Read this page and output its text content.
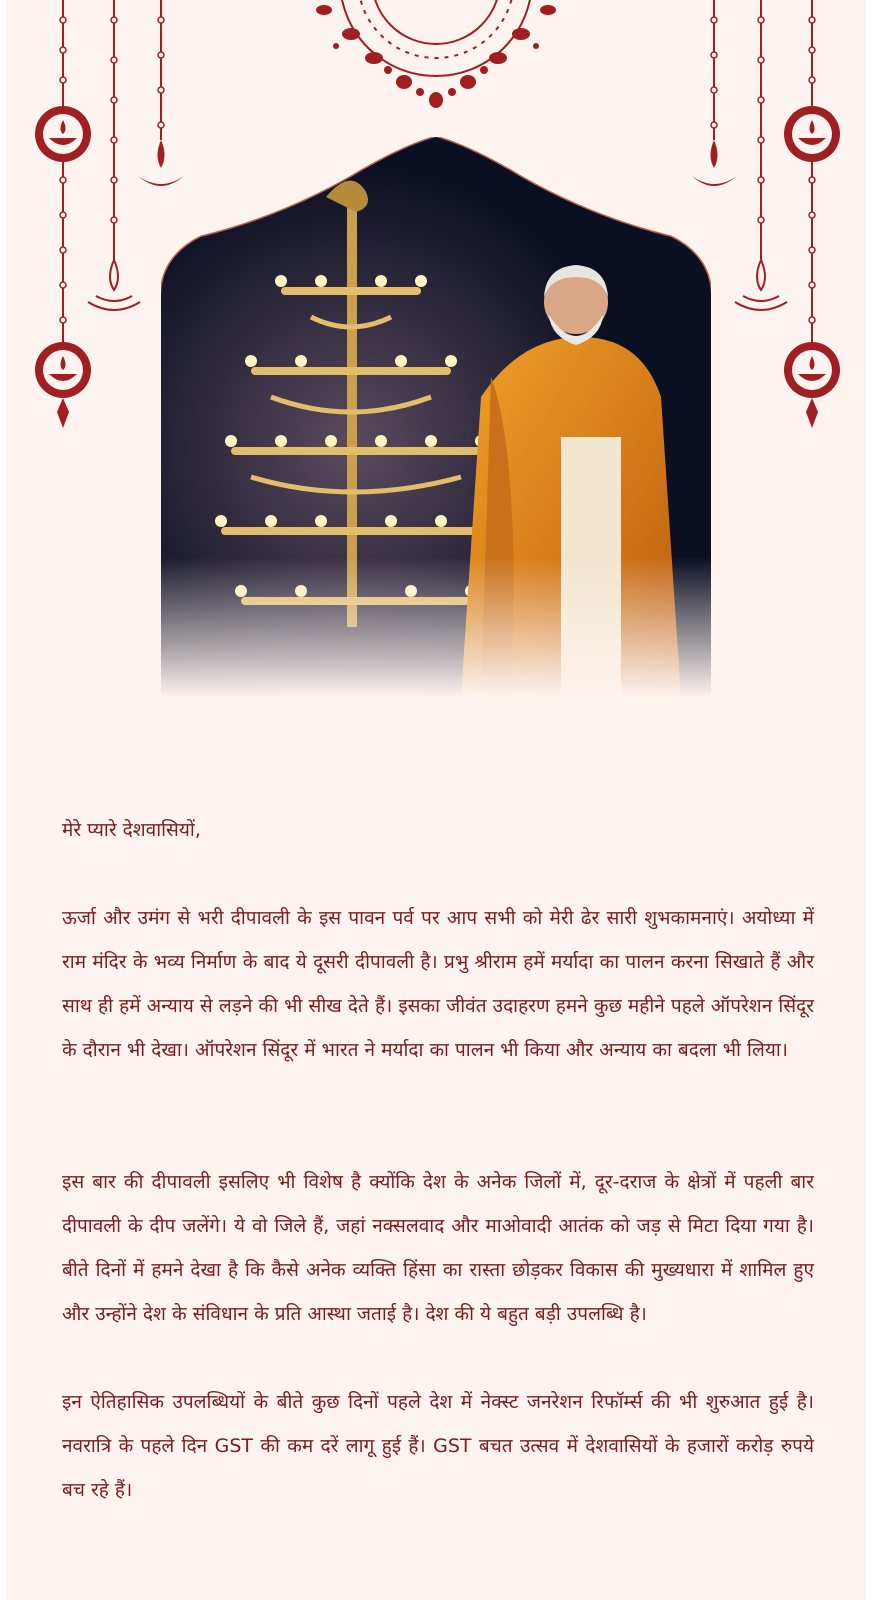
मेरे प्यारे देशवासियों,

ऊर्जा और उमंग से भरी दीपावली के इस पावन पर्व पर आप सभी को मेरी ढेर सारी शुभकामनाएं। अयोध्या में राम मंदिर के भव्य निर्माण के बाद ये दूसरी दीपावली है। प्रभु श्रीराम हमें मर्यादा का पालन करना सिखाते हैं और साथ ही हमें अन्याय से लड़ने की भी सीख देते हैं। इसका जीवंत उदाहरण हमने कुछ महीने पहले ऑपरेशन सिंदूर के दौरान भी देखा। ऑपरेशन सिंदूर में भारत ने मर्यादा का पालन भी किया और अन्याय का बदला भी लिया।

इस बार की दीपावली इसलिए भी विशेष है क्योंकि देश के अनेक जिलों में, दूर-दराज के क्षेत्रों में पहली बार दीपावली के दीप जलेंगे। ये वो जिले हैं, जहां नक्सलवाद और माओवादी आतंक को जड़ से मिटा दिया गया है। बीते दिनों में हमने देखा है कि कैसे अनेक व्यक्ति हिंसा का रास्ता छोड़कर विकास की मुख्यधारा में शामिल हुए और उन्होंने देश के संविधान के प्रति आस्था जताई है। देश की ये बहुत बड़ी उपलब्धि है।

इन ऐतिहासिक उपलब्धियों के बीते कुछ दिनों पहले देश में नेक्स्ट जनरेशन रिफॉर्म्स की भी शुरुआत हुई है। नवरात्रि के पहले दिन GST की कम दरें लागू हुई हैं। GST बचत उत्सव में देशवासियों के हजारों करोड़ रुपये बच रहे हैं।
